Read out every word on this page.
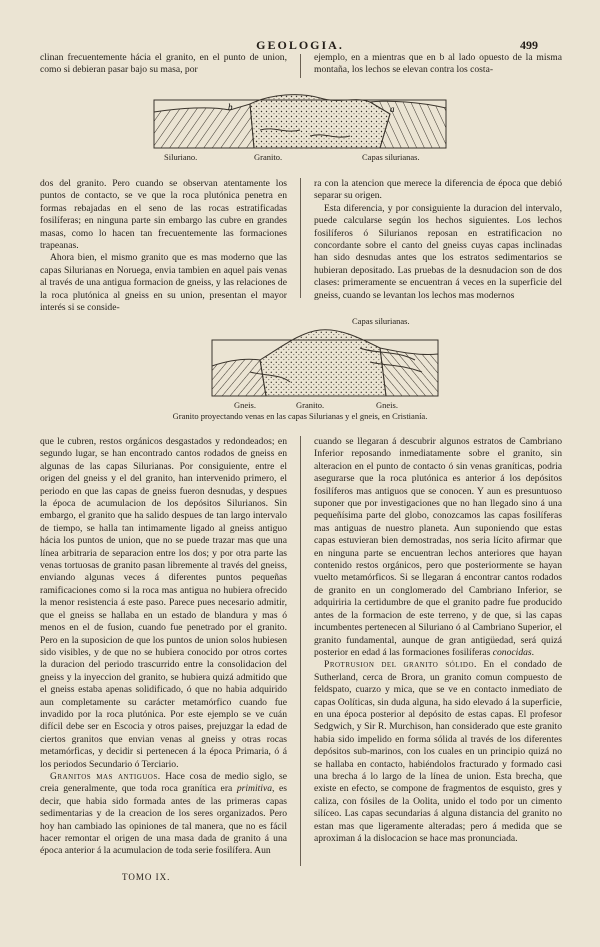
GEOLOGIA.	499

clinan frecuentemente hácia el granito, en el punto de union, como si debieran pasar bajo su masa, por

ejemplo, en a mientras que en b al lado opuesto de la misma montaña, los lechos se elevan contra los costa-

b	a
Siluriano.	Granito.	Capas silurianas.

dos del granito. Pero cuando se observan atentamente los puntos de contacto, se ve que la roca plutónica penetra en formas rebajadas en el seno de las rocas estratificadas fosilíferas; en ninguna parte sin embargo las cubre en grandes masas, como lo hacen tan frecuentemente las formaciones trapeanas.

Ahora bien, el mismo granito que es mas moderno que las capas Silurianas en Noruega, envia tambien en aquel pais venas al través de una antigua formacion de gneiss, y las relaciones de la roca plutónica al gneiss en su union, presentan el mayor interés si se conside-

ra con la atencion que merece la diferencia de época que debió separar su origen.

Esta diferencia, y por consiguiente la duracion del intervalo, puede calcularse según los hechos siguientes. Los lechos fosilíferos ó Silurianos reposan en estratificacion no concordante sobre el canto del gneiss cuyas capas inclinadas han sido desnudas antes que los estratos sedimentarios se hubieran depositado. Las pruebas de la desnudacion son de dos clases: primeramente se encuentran á veces en la superficie del gneiss, cuando se levantan los lechos mas modernos

Capas silurianas.
Gneis.	Granito.	Gneis.
Granito proyectando venas en las capas Silurianas y el gneis, en Cristianía.

que le cubren, restos orgánicos desgastados y redondeados; en segundo lugar, se han encontrado cantos rodados de gneiss en algunas de las capas Silurianas. Por consiguiente, entre el origen del gneiss y el del granito, han intervenido primero, el periodo en que las capas de gneiss fueron desnudas, y despues la época de acumulacion de los depósitos Silurianos. Sin embargo, el granito que ha salido despues de tan largo intervalo de tiempo, se halla tan intimamente ligado al gneiss antiguo hácia los puntos de union, que no se puede trazar mas que una línea arbitraria de separacion entre los dos; y por otra parte las venas tortuosas de granito pasan libremente al través del gneiss, enviando algunas veces á diferentes puntos pequeñas ramificaciones como si la roca mas antigua no hubiera ofrecido la menor resistencia á este paso. Parece pues necesario admitir, que el gneiss se hallaba en un estado de blandura y mas ó menos en el de fusion, cuando fue penetrado por el granito. Pero en la suposicion de que los puntos de union solos hubiesen sido visibles, y de que no se hubiera conocido por otros cortes la duracion del periodo trascurrido entre la consolidacion del gneiss y la inyeccion del granito, se hubiera quizá admitido que el gneiss estaba apenas solidificado, ó que no habia adquirido aun completamente su carácter metamórfico cuando fue invadido por la roca plutónica. Por este ejemplo se ve cuán difícil debe ser en Escocia y otros paises, prejuzgar la edad de ciertos granitos que envian venas al gneiss y otras rocas metamórficas, y decidir si pertenecen á la época Primaria, ó á los periodos Secundario ó Terciario.

Granitos mas antiguos. Hace cosa de medio siglo, se creia generalmente, que toda roca granítica era primitiva, es decir, que habia sido formada antes de las primeras capas sedimentarias y de la creacion de los seres organizados. Pero hoy han cambiado las opiniones de tal manera, que no es fácil hacer remontar el origen de una masa dada de granito á una época anterior á la acumulacion de toda serie fosilífera. Aun

cuando se llegaran á descubrir algunos estratos de Cambriano Inferior reposando inmediatamente sobre el granito, sin alteracion en el punto de contacto ó sin venas graníticas, podria asegurarse que la roca plutónica es anterior á los depósitos fosilíferos mas antiguos que se conocen. Y aun es presuntuoso suponer que por investigaciones que no han llegado sino á una pequeñísima parte del globo, conozcamos las capas fosilíferas mas antiguas de nuestro planeta. Aun suponiendo que estas capas estuvieran bien demostradas, nos seria lícito afirmar que en ninguna parte se encuentran lechos anteriores que hayan contenido restos orgánicos, pero que posteriormente se hayan vuelto metamórficos. Si se llegaran á encontrar cantos rodados de granito en un conglomerado del Cambriano Inferior, se adquiriria la certidumbre de que el granito padre fue producido antes de la formacion de este terreno, y de que, si las capas incumbentes pertenecen al Siluriano ó al Cambriano Superior, el granito fundamental, aunque de gran antigüedad, será quizá posterior en edad á las formaciones fosilíferas conocidas.

Protrusion del granito sólido. En el condado de Sutherland, cerca de Brora, un granito comun compuesto de feldspato, cuarzo y mica, que se ve en contacto inmediato de capas Oolíticas, sin duda alguna, ha sido elevado á la superficie, en una época posterior al depósito de estas capas. El profesor Sedgwich, y Sir R. Murchison, han considerado que este granito habia sido impelido en forma sólida al través de los diferentes depósitos sub-marinos, con los cuales en un principio quizá no se hallaba en contacto, habiéndolos fracturado y formado casi una brecha á lo largo de la línea de union. Esta brecha, que existe en efecto, se compone de fragmentos de esquisto, gres y caliza, con fósiles de la Oolita, unido el todo por un cimento silíceo. Las capas secundarias á alguna distancia del granito no estan mas que ligeramente alteradas; pero á medida que se aproximan á la dislocacion se hace mas pronunciada.

TOMO IX.
